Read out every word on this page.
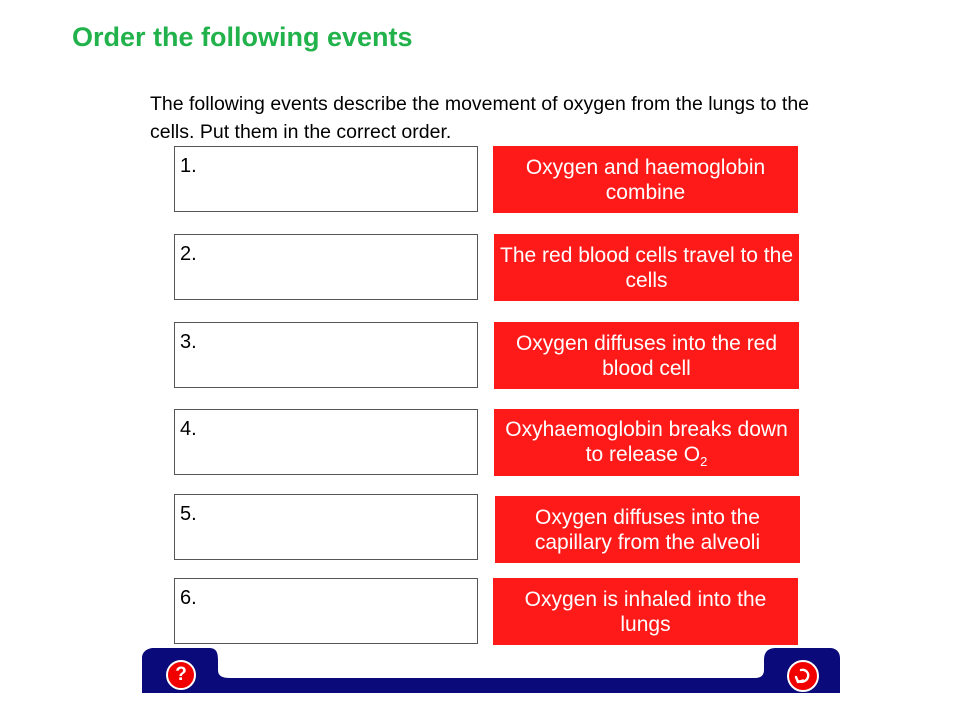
Order the following events
The following events describe the movement of oxygen from the lungs to the cells. Put them in the correct order.
1.
2.
3.
4.
5.
6.
Oxygen and haemoglobin combine
The red blood cells travel to the cells
Oxygen diffuses into the red blood cell
Oxyhaemoglobin breaks down to release $O_2$
Oxygen diffuses into the capillary from the alveoli
Oxygen is inhaled into the lungs
?
